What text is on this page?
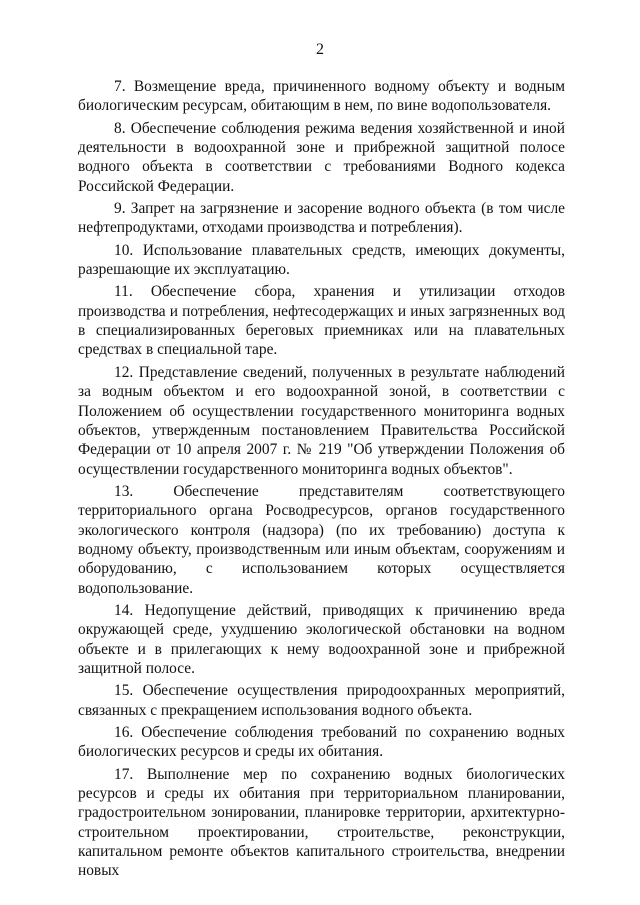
2

7. Возмещение вреда, причиненного водному объекту и водным биологическим ресурсам, обитающим в нем, по вине водопользователя.

8. Обеспечение соблюдения режима ведения хозяйственной и иной деятельности в водоохранной зоне и прибрежной защитной полосе водного объекта в соответствии с требованиями Водного кодекса Российской Федерации.

9. Запрет на загрязнение и засорение водного объекта (в том числе нефтепродуктами, отходами производства и потребления).

10. Использование плавательных средств, имеющих документы, разрешающие их эксплуатацию.

11. Обеспечение сбора, хранения и утилизации отходов производства и потребления, нефтесодержащих и иных загрязненных вод в специализированных береговых приемниках или на плавательных средствах в специальной таре.

12. Представление сведений, полученных в результате наблюдений за водным объектом и его водоохранной зоной, в соответствии с Положением об осуществлении государственного мониторинга водных объектов, утвержденным постановлением Правительства Российской Федерации от 10 апреля 2007 г. № 219 "Об утверждении Положения об осуществлении государственного мониторинга водных объектов".

13. Обеспечение представителям соответствующего территориального органа Росводресурсов, органов государственного экологического контроля (надзора) (по их требованию) доступа к водному объекту, производственным или иным объектам, сооружениям и оборудованию, с использованием которых осуществляется водопользование.

14. Недопущение действий, приводящих к причинению вреда окружающей среде, ухудшению экологической обстановки на водном объекте и в прилегающих к нему водоохранной зоне и прибрежной защитной полосе.

15. Обеспечение осуществления природоохранных мероприятий, связанных с прекращением использования водного объекта.

16. Обеспечение соблюдения требований по сохранению водных биологических ресурсов и среды их обитания.

17. Выполнение мер по сохранению водных биологических ресурсов и среды их обитания при территориальном планировании, градостроительном зонировании, планировке территории, архитектурно-строительном проектировании, строительстве, реконструкции, капитальном ремонте объектов капитального строительства, внедрении новых
